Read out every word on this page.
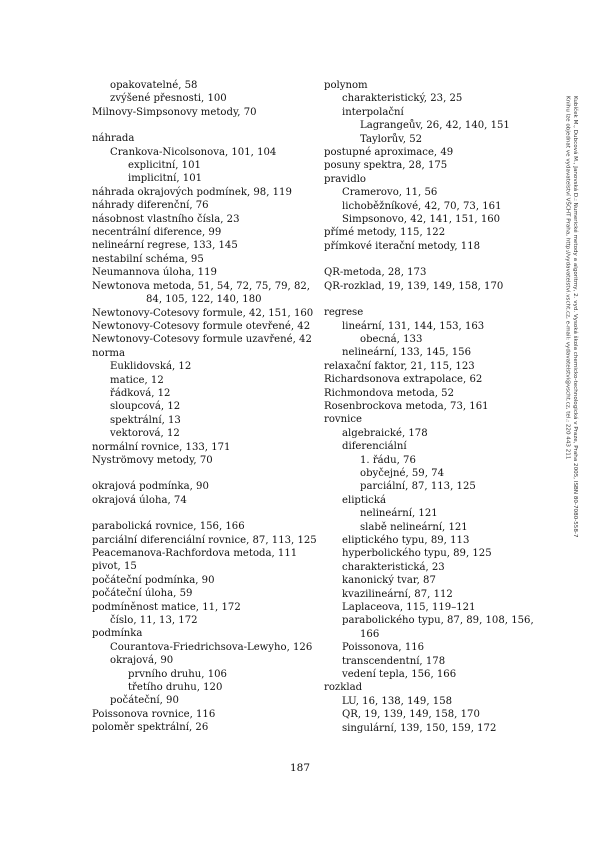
opakovatelné, 58
zvýšené přesnosti, 100
Milnovy-Simpsonovy metody, 70
náhrada
Crankova-Nicolsonova, 101, 104
explicitní, 101
implicitní, 101
náhrada okrajových podmínek, 98, 119
náhrady diferenční, 76
násobnost vlastního čísla, 23
necentrální diference, 99
nelineární regrese, 133, 145
nestabilní schéma, 95
Neumannova úloha, 119
Newtonova metoda, 51, 54, 72, 75, 79, 82,
84, 105, 122, 140, 180
Newtonovy-Cotesovy formule, 42, 151, 160
Newtonovy-Cotesovy formule otevřené, 42
Newtonovy-Cotesovy formule uzavřené, 42
norma
Euklidovská, 12
matice, 12
řádková, 12
sloupcová, 12
spektrální, 13
vektorová, 12
normální rovnice, 133, 171
Nyströmovy metody, 70
okrajová podmínka, 90
okrajová úloha, 74
parabolická rovnice, 156, 166
parciální diferenciální rovnice, 87, 113, 125
Peacemanova-Rachfordova metoda, 111
pivot, 15
počáteční podmínka, 90
počáteční úloha, 59
podmíněnost matice, 11, 172
číslo, 11, 13, 172
podmínka
Courantova-Friedrichsova-Lewyho, 126
okrajová, 90
prvního druhu, 106
třetího druhu, 120
počáteční, 90
Poissonova rovnice, 116
poloměr spektrální, 26
polynom
charakteristický, 23, 25
interpolační
Lagrangeův, 26, 42, 140, 151
Taylorův, 52
postupné aproximace, 49
posuny spektra, 28, 175
pravidlo
Cramerovo, 11, 56
lichoběžníkové, 42, 70, 73, 161
Simpsonovo, 42, 141, 151, 160
přímé metody, 115, 122
přímkové iterační metody, 118
QR-metoda, 28, 173
QR-rozklad, 19, 139, 149, 158, 170
regrese
lineární, 131, 144, 153, 163
obecná, 133
nelineární, 133, 145, 156
relaxační faktor, 21, 115, 123
Richardsonova extrapolace, 62
Richmondova metoda, 52
Rosenbrockova metoda, 73, 161
rovnice
algebraické, 178
diferenciální
1. řádu, 76
obyčejné, 59, 74
parciální, 87, 113, 125
eliptická
nelineární, 121
slabě nelineární, 121
eliptického typu, 89, 113
hyperbolického typu, 89, 125
charakteristická, 23
kanonický tvar, 87
kvazilineární, 87, 112
Laplaceova, 115, 119–121
parabolického typu, 87, 89, 108, 156,
166
Poissonova, 116
transcendentní, 178
vedení tepla, 156, 166
rozklad
LU, 16, 138, 149, 158
QR, 19, 139, 149, 158, 170
singulární, 139, 150, 159, 172
187
Kubíček M., Dubcová M., Janovská D.: Numerické metody a algoritmy, 2. vyd. Vysoká škola chemicko-technologická v Praze, Praha 2005, ISBN 80-7080-558-7
Knihu lze objednat ve vydavatelství VŠCHT Praha, http://vydavatelstvi.vscht.cz, e-mail: vydavatelstvi@vscht.cz, tel.: 220 443 211
